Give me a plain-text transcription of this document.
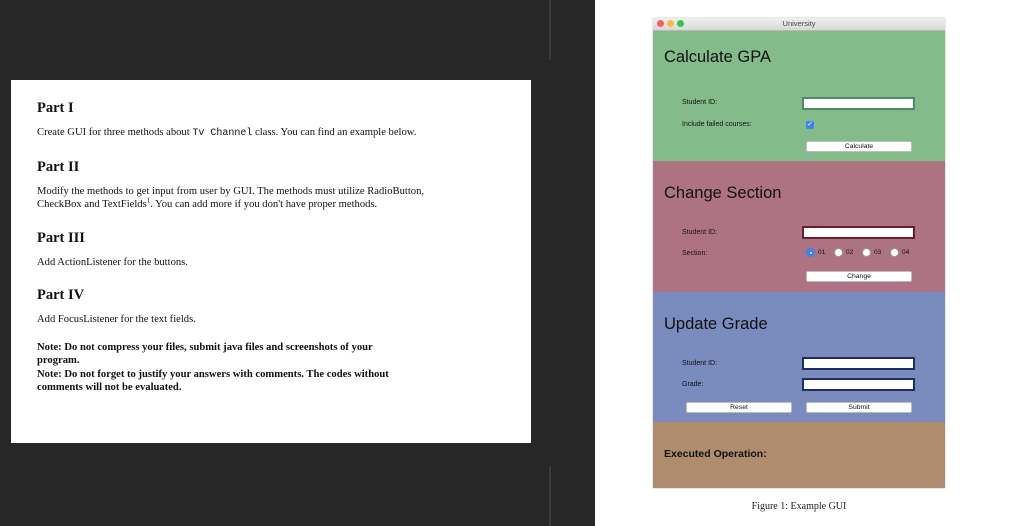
Part I

Create GUI for three methods about Tv Channel class. You can find an example below.

Part II

Modify the methods to get input from user by GUI. The methods must utilize RadioButton,
CheckBox and TextFields$^1$. You can add more if you don't have proper methods.

Part III

Add ActionListener for the buttons.

Part IV

Add FocusListener for the text fields.

Note: Do not compress your files, submit java files and screenshots of your
program.

Note: Do not forget to justify your answers with comments. The codes without
comments will not be evaluated.

University
Calculate GPA
Student ID:
Include failed courses:	✓
Calculate
Change Section
Student ID:
Section:	01	02	03	04
Change
Update Grade
Student ID:
Grade:
Reset	Submit
Executed Operation:
Figure 1: Example GUI
